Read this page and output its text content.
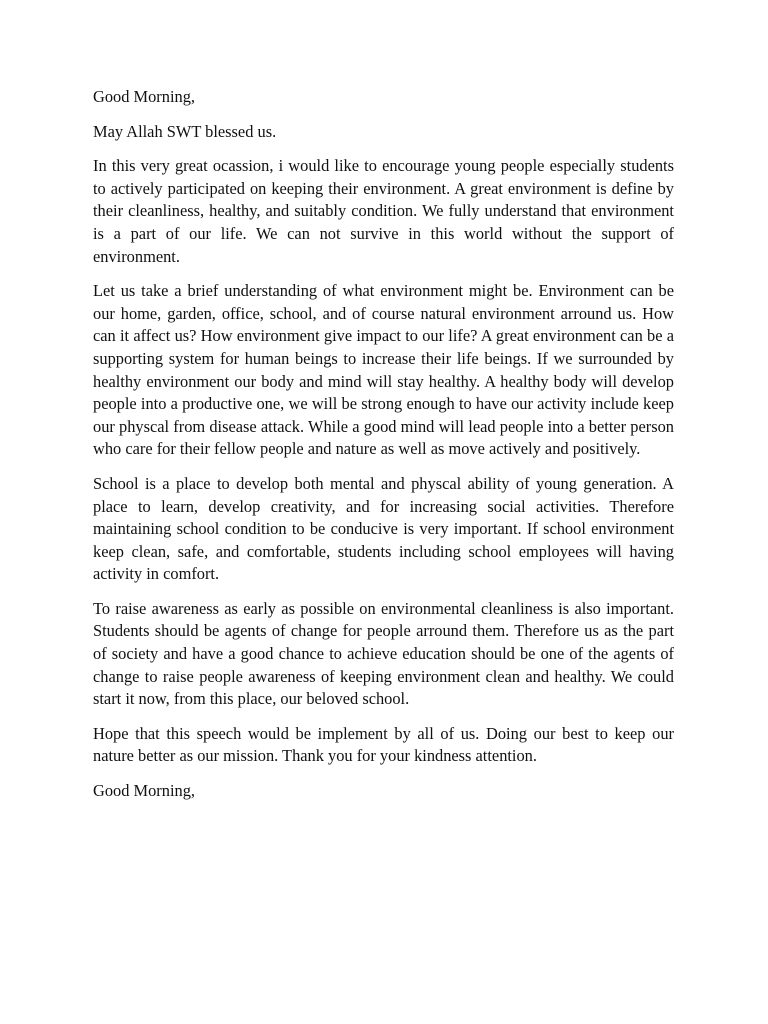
Good Morning,

May Allah SWT blessed us.

In this very great ocassion, i would like to encourage young people especially students to actively participated on keeping their environment. A great environment is define by their cleanliness, healthy, and suitably condition. We fully understand that environment is a part of our life. We can not survive in this world without the support of environment.

Let us take a brief understanding of what environment might be. Environment can be our home, garden, office, school, and of course natural environment arround us. How can it affect us? How environment give impact to our life? A great environment can be a supporting system for human beings to increase their life beings. If we surrounded by healthy environment our body and mind will stay healthy. A healthy body will develop people into a productive one, we will be strong enough to have our activity include keep our physcal from disease attack. While a good mind will lead people into a better person who care for their fellow people and nature as well as move actively and positively.

School is a place to develop both mental and physcal ability of young generation. A place to learn, develop creativity, and for increasing social activities. Therefore maintaining school condition to be conducive is very important. If school environment keep clean, safe, and comfortable, students including school employees will having activity in comfort.

To raise awareness as early as possible on environmental cleanliness is also important. Students should be agents of change for people arround them. Therefore us as the part of society and have a good chance to achieve education should be one of the agents of change to raise people awareness of keeping environment clean and healthy. We could start it now, from this place, our beloved school.

Hope that this speech would be implement by all of us. Doing our best to keep our nature better as our mission. Thank you for your kindness attention.

Good Morning,
